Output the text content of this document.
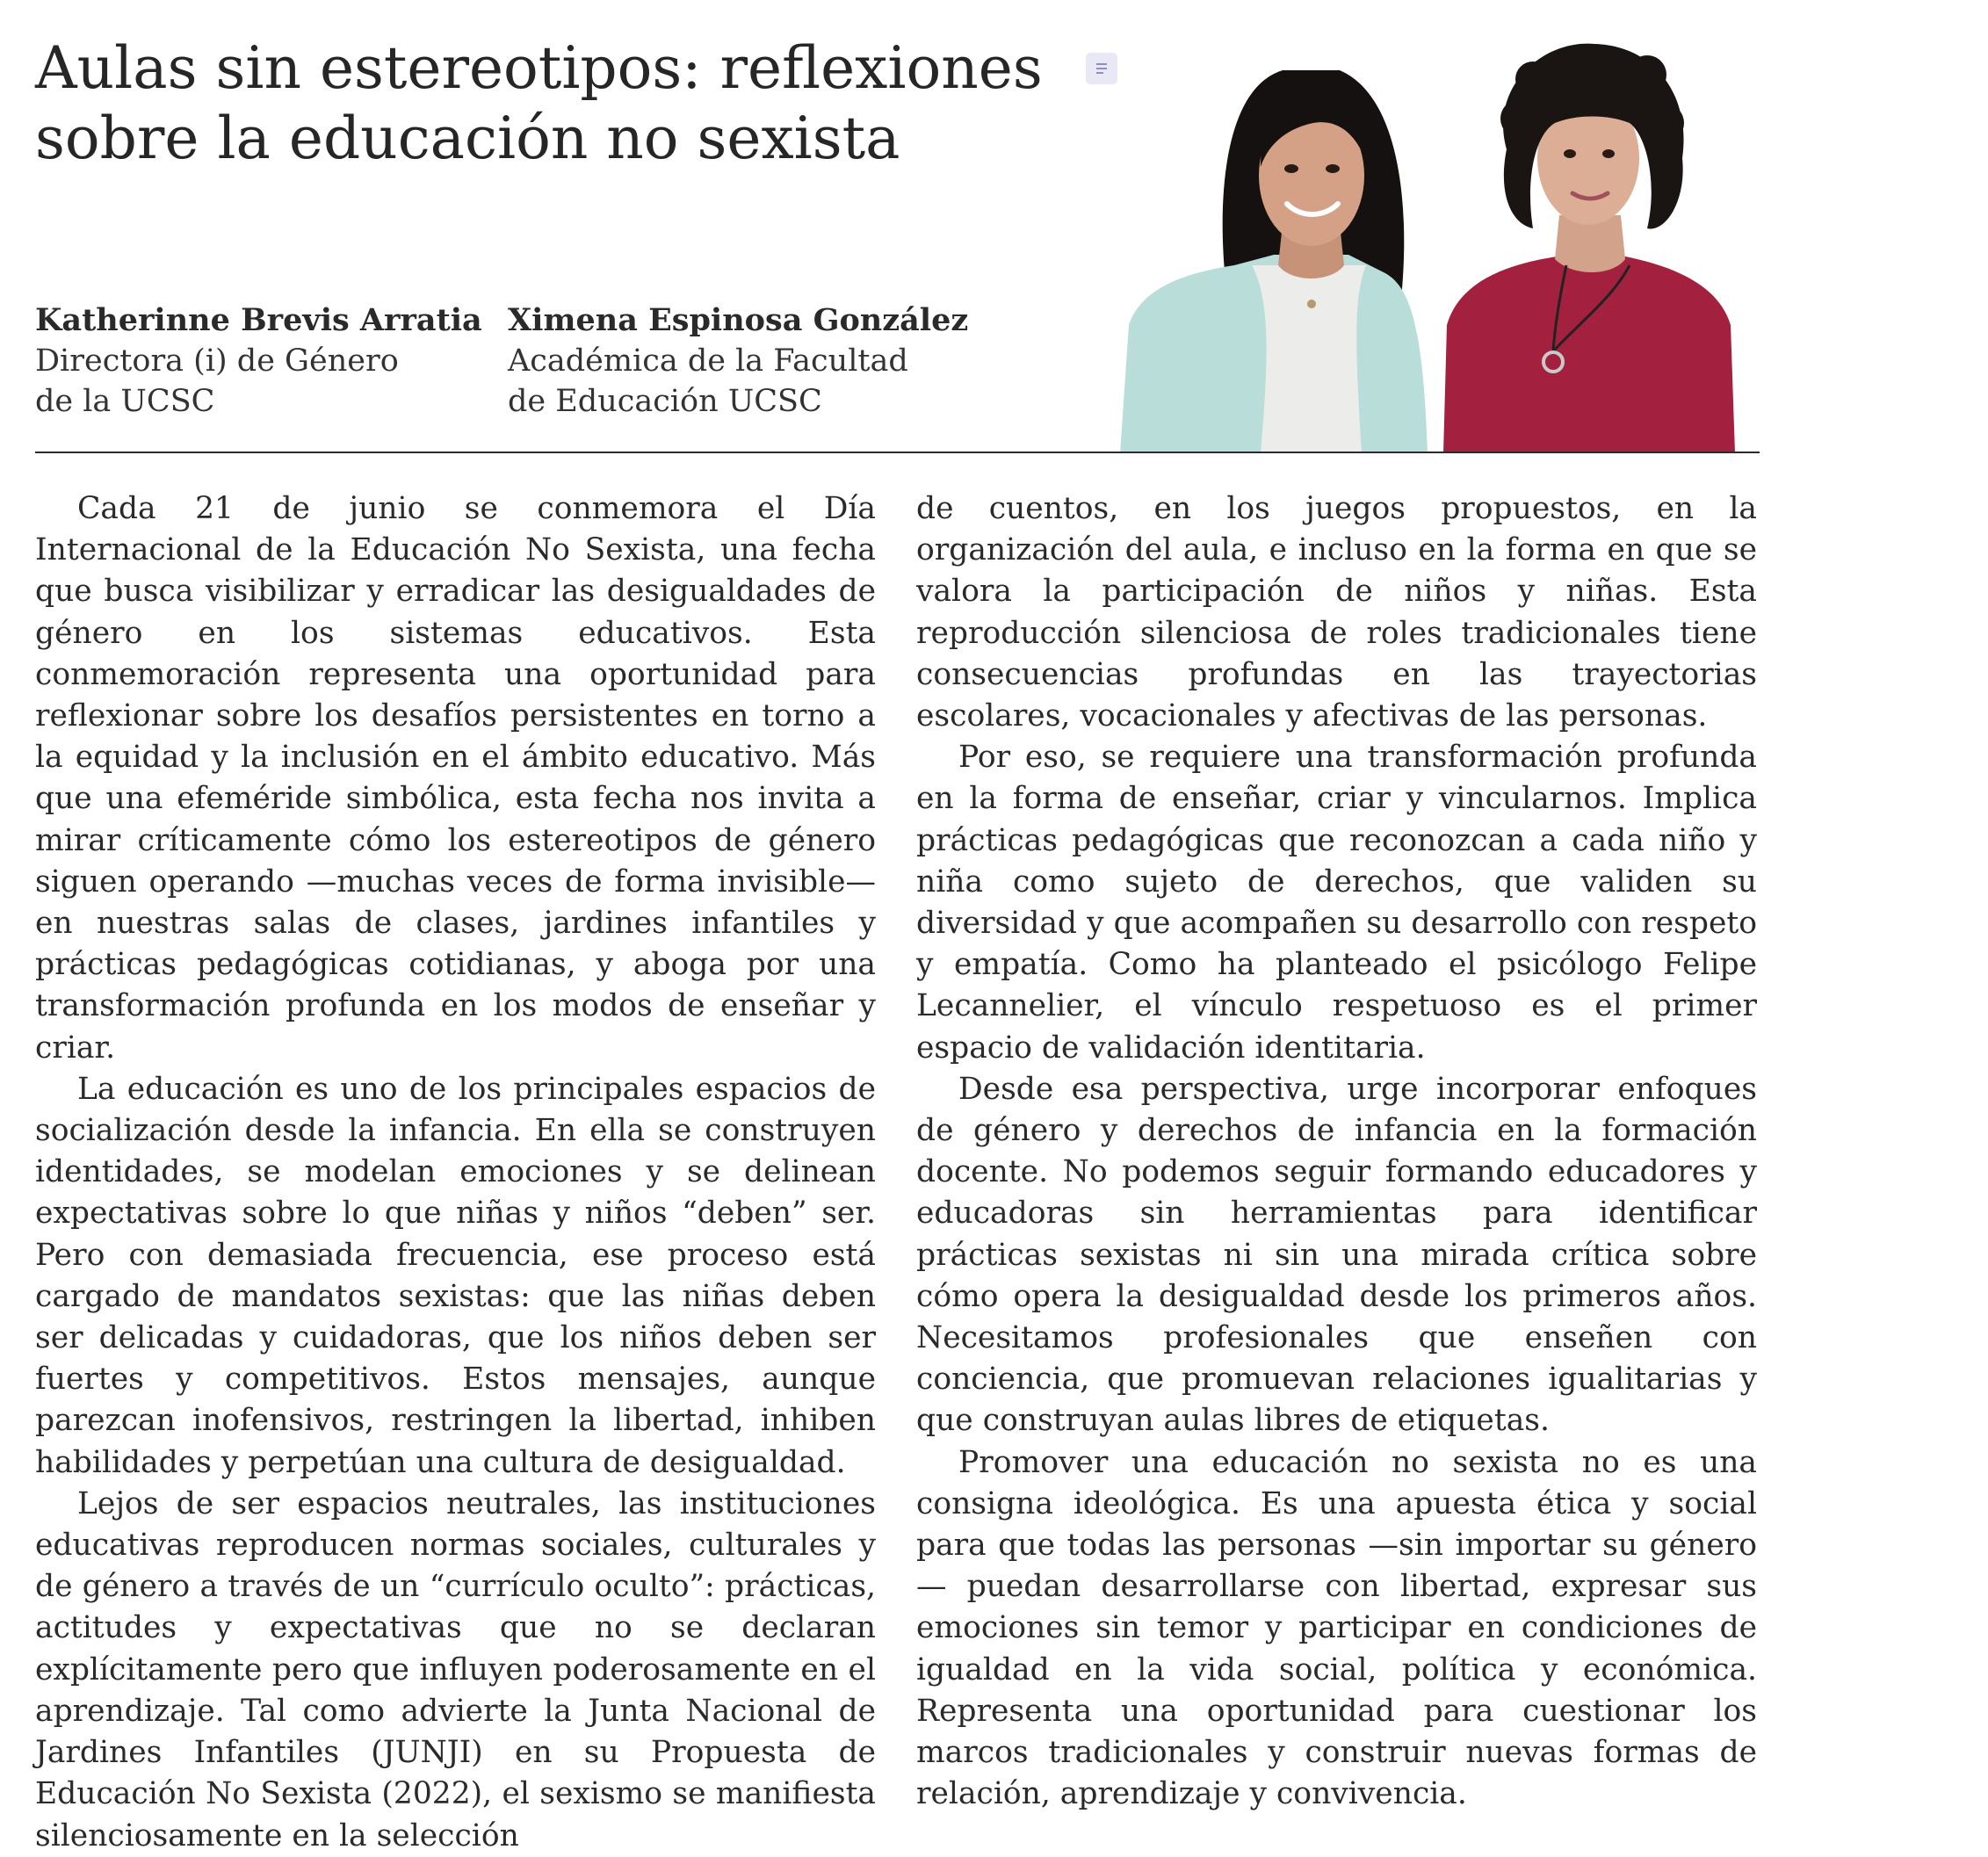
Aulas sin estereotipos: reflexiones sobre la educación no sexista
Katherinne Brevis Arratia
Directora (i) de Género
de la UCSC
Ximena Espinosa González
Académica de la Facultad
de Educación UCSC

Cada 21 de junio se conmemora el Día Internacional de la Educación No Sexista, una fecha que busca visibilizar y erradicar las desigualdades de género en los sistemas educativos. Esta conmemoración representa una oportunidad para reflexionar sobre los desafíos persistentes en torno a la equidad y la inclusión en el ámbito educativo. Más que una efeméride simbólica, esta fecha nos invita a mirar críticamente cómo los estereotipos de género siguen operando —muchas veces de forma invisible— en nuestras salas de clases, jardines infantiles y prácticas pedagógicas cotidianas, y aboga por una transformación profunda en los modos de enseñar y criar.

La educación es uno de los principales espacios de socialización desde la infancia. En ella se construyen identidades, se modelan emociones y se delinean expectativas sobre lo que niñas y niños “deben” ser. Pero con demasiada frecuencia, ese proceso está cargado de mandatos sexistas: que las niñas deben ser delicadas y cuidadoras, que los niños deben ser fuertes y competitivos. Estos mensajes, aunque parezcan inofensivos, restringen la libertad, inhiben habilidades y perpetúan una cultura de desigualdad.

Lejos de ser espacios neutrales, las instituciones educativas reproducen normas sociales, culturales y de género a través de un “currículo oculto”: prácticas, actitudes y expectativas que no se declaran explícitamente pero que influyen poderosamente en el aprendizaje. Tal como advierte la Junta Nacional de Jardines Infantiles (JUNJI) en su Propuesta de Educación No Sexista (2022), el sexismo se manifiesta silenciosamente en la selección

de cuentos, en los juegos propuestos, en la organización del aula, e incluso en la forma en que se valora la participación de niños y niñas. Esta reproducción silenciosa de roles tradicionales tiene consecuencias profundas en las trayectorias escolares, vocacionales y afectivas de las personas.

Por eso, se requiere una transformación profunda en la forma de enseñar, criar y vincularnos. Implica prácticas pedagógicas que reconozcan a cada niño y niña como sujeto de derechos, que validen su diversidad y que acompañen su desarrollo con respeto y empatía. Como ha planteado el psicólogo Felipe Lecannelier, el vínculo respetuoso es el primer espacio de validación identitaria.

Desde esa perspectiva, urge incorporar enfoques de género y derechos de infancia en la formación docente. No podemos seguir formando educadores y educadoras sin herramientas para identificar prácticas sexistas ni sin una mirada crítica sobre cómo opera la desigualdad desde los primeros años. Necesitamos profesionales que enseñen con conciencia, que promuevan relaciones igualitarias y que construyan aulas libres de etiquetas.

Promover una educación no sexista no es una consigna ideológica. Es una apuesta ética y social para que todas las personas —sin importar su género— puedan desarrollarse con libertad, expresar sus emociones sin temor y participar en condiciones de igualdad en la vida social, política y económica. Representa una oportunidad para cuestionar los marcos tradicionales y construir nuevas formas de relación, aprendizaje y convivencia.
